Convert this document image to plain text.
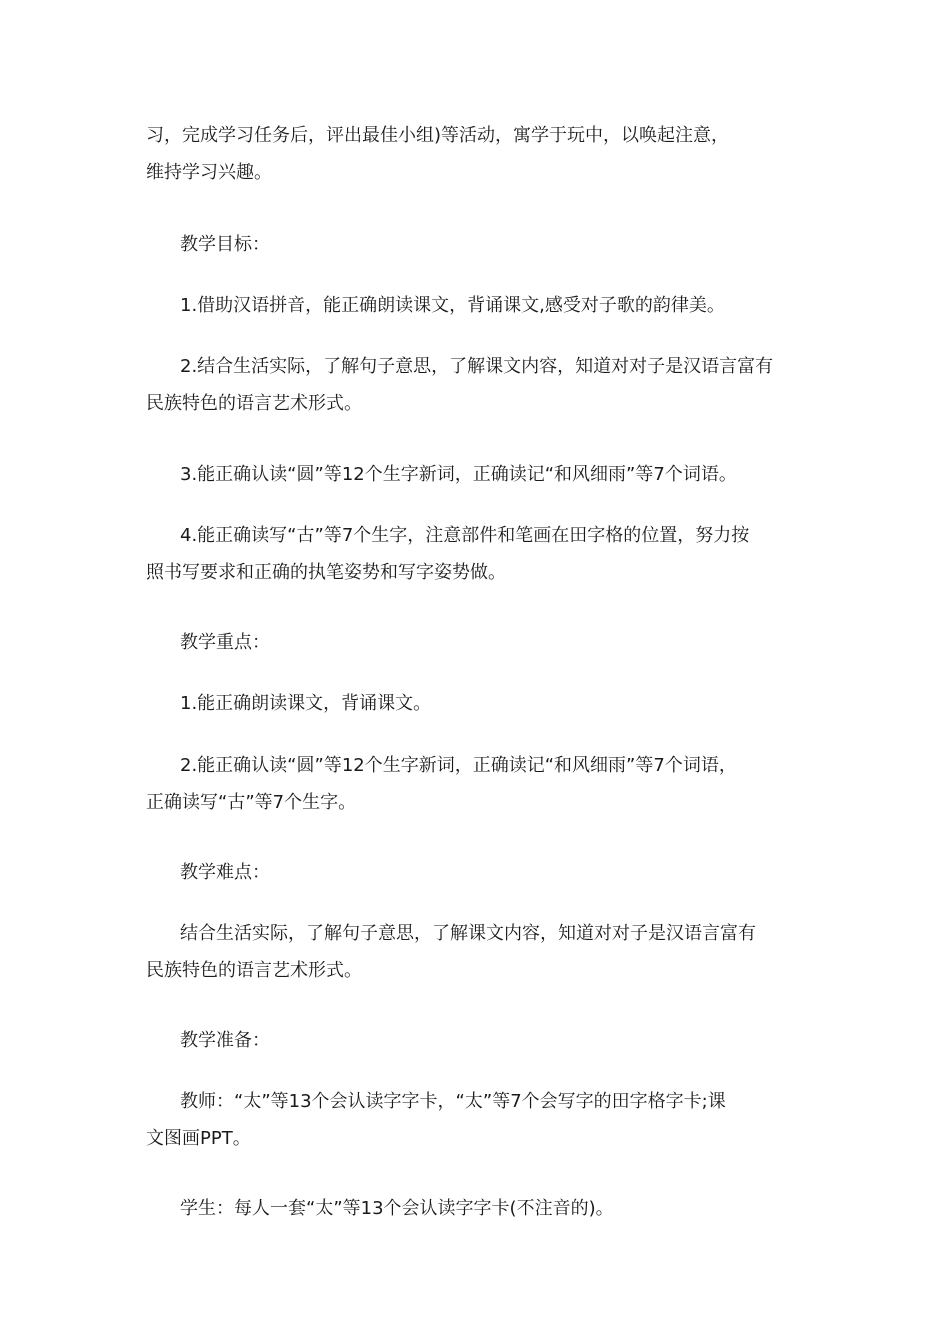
习，完成学习任务后，评出最佳小组)等活动，寓学于玩中，以唤起注意，
维持学习兴趣。

教学目标：

1.借助汉语拼音，能正确朗读课文，背诵课文,感受对子歌的韵律美。

2.结合生活实际，了解句子意思，了解课文内容，知道对对子是汉语言富有
民族特色的语言艺术形式。

3.能正确认读“圆”等12个生字新词，正确读记“和风细雨”等7个词语。

4.能正确读写“古”等7个生字，注意部件和笔画在田字格的位置，努力按
照书写要求和正确的执笔姿势和写字姿势做。

教学重点：

1.能正确朗读课文，背诵课文。

2.能正确认读“圆”等12个生字新词，正确读记“和风细雨”等7个词语，
正确读写“古”等7个生字。

教学难点：

结合生活实际，了解句子意思，了解课文内容，知道对对子是汉语言富有
民族特色的语言艺术形式。

教学准备：

教师：“太”等13个会认读字字卡，“太”等7个会写字的田字格字卡;课
文图画PPT。

学生：每人一套“太”等13个会认读字字卡(不注音的)。
